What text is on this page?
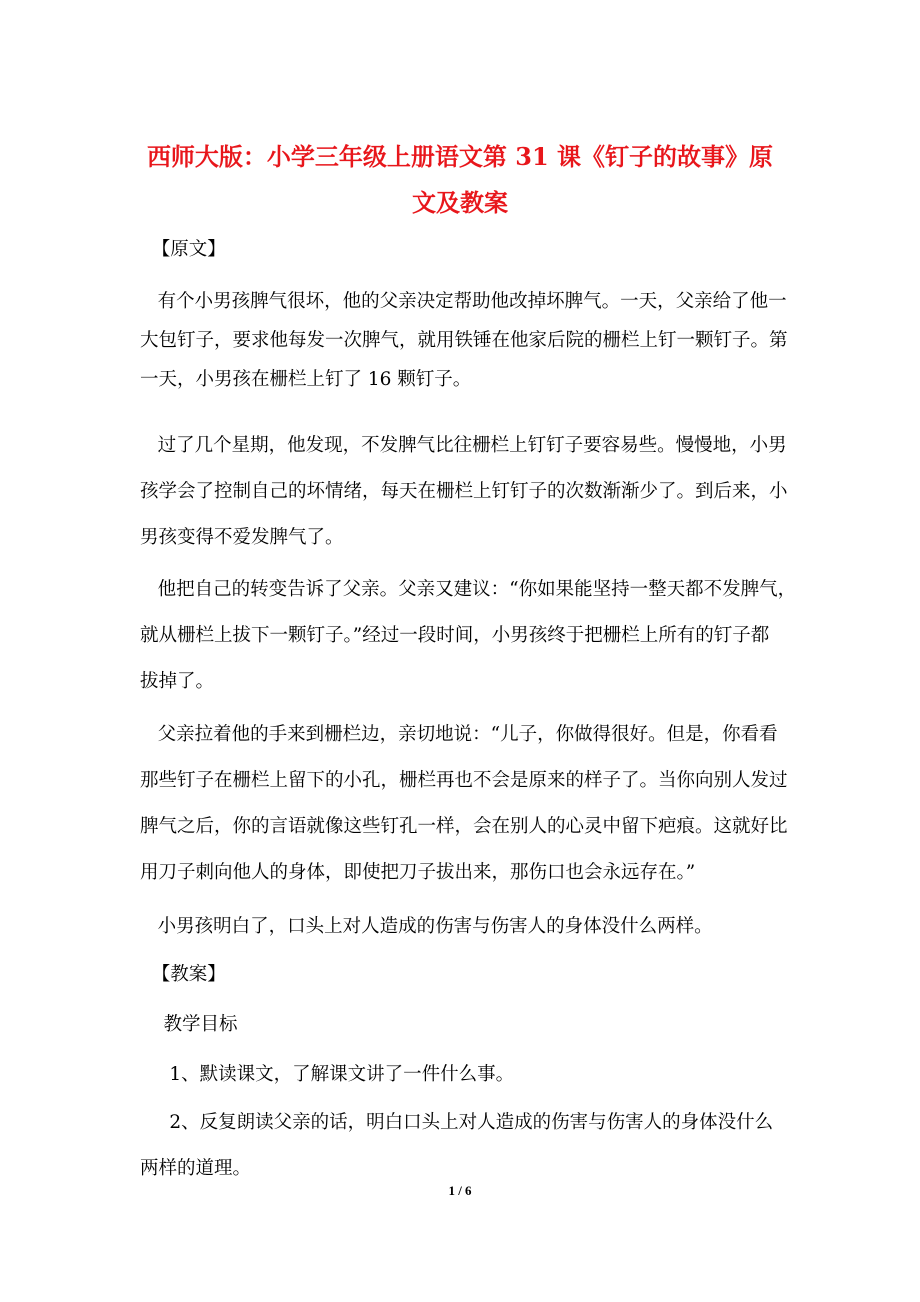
西师大版：小学三年级上册语文第 31 课《钉子的故事》原
文及教案
【原文】
有个小男孩脾气很坏，他的父亲决定帮助他改掉坏脾气。一天，父亲给了他一
大包钉子，要求他每发一次脾气，就用铁锤在他家后院的栅栏上钉一颗钉子。第
一天，小男孩在栅栏上钉了 16 颗钉子。
过了几个星期，他发现，不发脾气比往栅栏上钉钉子要容易些。慢慢地，小男
孩学会了控制自己的坏情绪，每天在栅栏上钉钉子的次数渐渐少了。到后来，小
男孩变得不爱发脾气了。
他把自己的转变告诉了父亲。父亲又建议：“你如果能坚持一整天都不发脾气，
就从栅栏上拔下一颗钉子。”经过一段时间，小男孩终于把栅栏上所有的钉子都
拔掉了。
父亲拉着他的手来到栅栏边，亲切地说：“儿子，你做得很好。但是，你看看
那些钉子在栅栏上留下的小孔，栅栏再也不会是原来的样子了。当你向别人发过
脾气之后，你的言语就像这些钉孔一样，会在别人的心灵中留下疤痕。这就好比
用刀子刺向他人的身体，即使把刀子拔出来，那伤口也会永远存在。”
小男孩明白了，口头上对人造成的伤害与伤害人的身体没什么两样。
【教案】
教学目标
1、默读课文，了解课文讲了一件什么事。
2、反复朗读父亲的话，明白口头上对人造成的伤害与伤害人的身体没什么
两样的道理。
1 / 6
